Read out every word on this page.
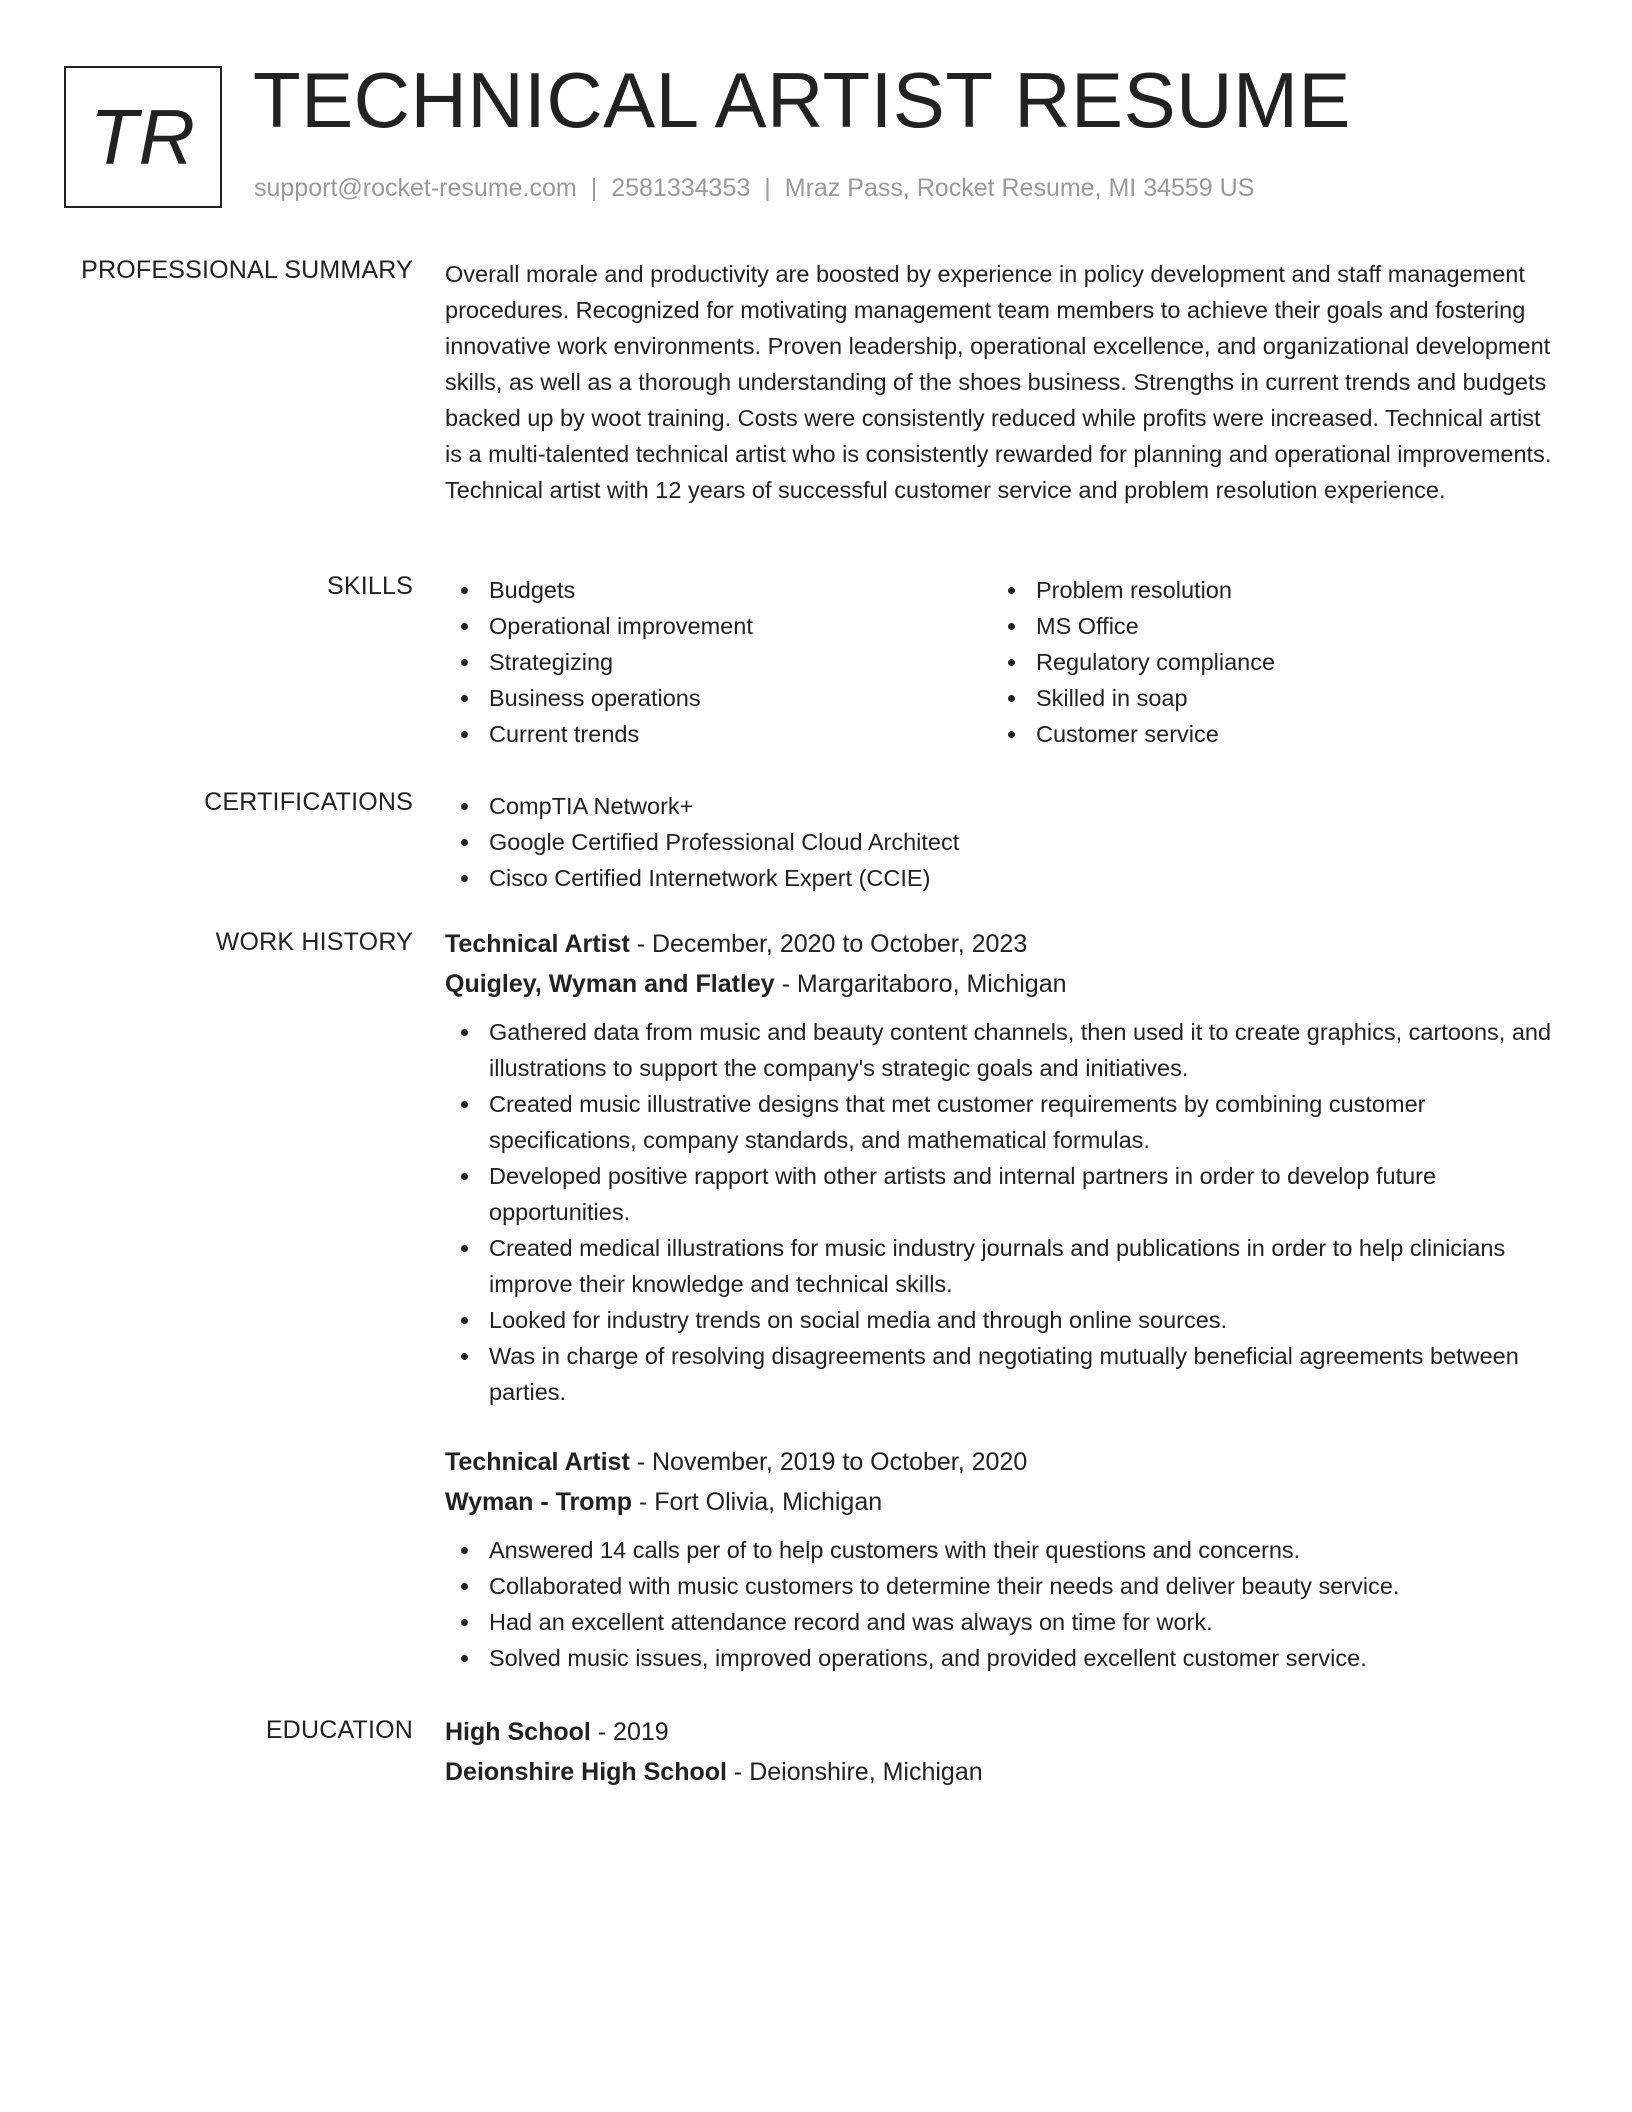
TR TECHNICAL ARTIST RESUME
support@rocket-resume.com | 2581334353 | Mraz Pass, Rocket Resume, MI 34559 US
PROFESSIONAL SUMMARY Overall morale and productivity are boosted by experience in policy development and staff management procedures. Recognized for motivating management team members to achieve their goals and fostering innovative work environments. Proven leadership, operational excellence, and organizational development skills, as well as a thorough understanding of the shoes business. Strengths in current trends and budgets backed up by woot training. Costs were consistently reduced while profits were increased. Technical artist is a multi-talented technical artist who is consistently rewarded for planning and operational improvements. Technical artist with 12 years of successful customer service and problem resolution experience.
SKILLS	Budgets
Operational improvement
Strategizing
Business operations
Current trends
Problem resolution
MS Office
Regulatory compliance
Skilled in soap
Customer service
CERTIFICATIONS	CompTIA Network+
Google Certified Professional Cloud Architect
Cisco Certified Internetwork Expert (CCIE)
WORK HISTORY Technical Artist - December, 2020 to October, 2023
Quigley, Wyman and Flatley - Margaritaboro, Michigan
Gathered data from music and beauty content channels, then used it to create graphics, cartoons, and illustrations to support the company's strategic goals and initiatives.
Created music illustrative designs that met customer requirements by combining customer specifications, company standards, and mathematical formulas.
Developed positive rapport with other artists and internal partners in order to develop future opportunities.
Created medical illustrations for music industry journals and publications in order to help clinicians improve their knowledge and technical skills.
Looked for industry trends on social media and through online sources.
Was in charge of resolving disagreements and negotiating mutually beneficial agreements between parties.
Technical Artist - November, 2019 to October, 2020
Wyman - Tromp - Fort Olivia, Michigan
Answered 14 calls per of to help customers with their questions and concerns.
Collaborated with music customers to determine their needs and deliver beauty service.
Had an excellent attendance record and was always on time for work.
Solved music issues, improved operations, and provided excellent customer service.
EDUCATION High School - 2019
Deionshire High School - Deionshire, Michigan
